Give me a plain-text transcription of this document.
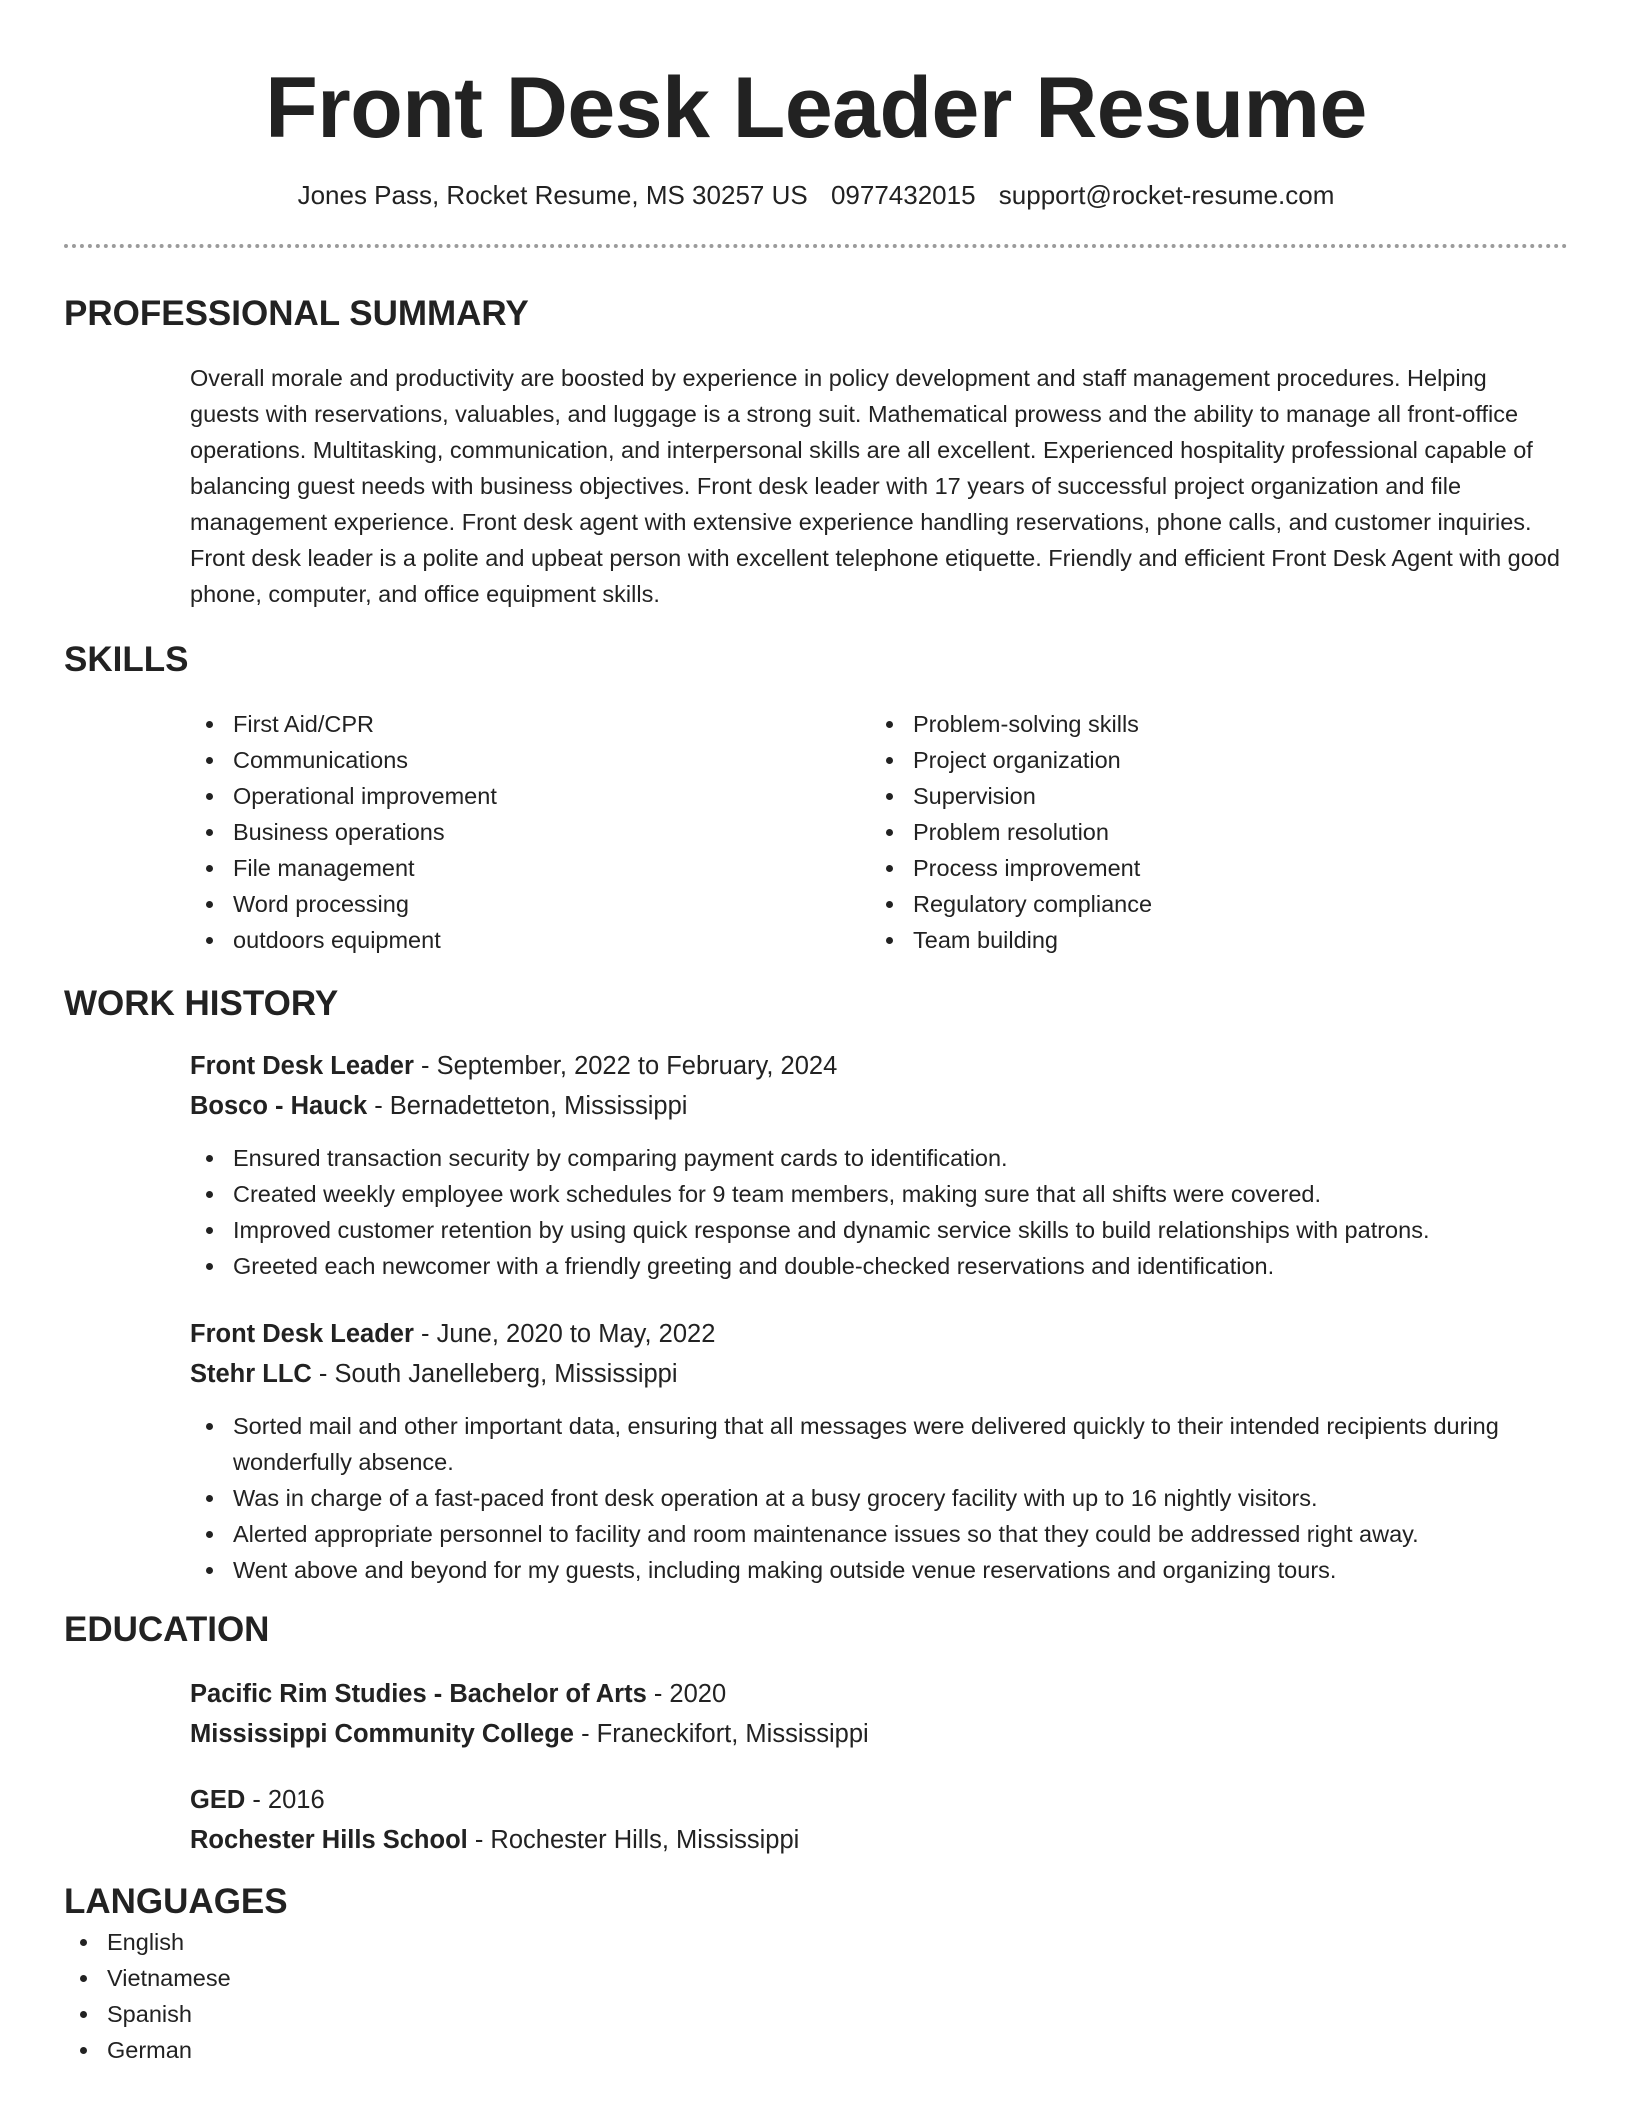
Front Desk Leader Resume
Jones Pass, Rocket Resume, MS 30257 US 0977432015 support@rocket-resume.com
PROFESSIONAL SUMMARY

Overall morale and productivity are boosted by experience in policy development and staff management procedures. Helping guests with reservations, valuables, and luggage is a strong suit. Mathematical prowess and the ability to manage all front-office operations. Multitasking, communication, and interpersonal skills are all excellent. Experienced hospitality professional capable of balancing guest needs with business objectives. Front desk leader with 17 years of successful project organization and file management experience. Front desk agent with extensive experience handling reservations, phone calls, and customer inquiries. Front desk leader is a polite and upbeat person with excellent telephone etiquette. Friendly and efficient Front Desk Agent with good phone, computer, and office equipment skills.

SKILLS
First Aid/CPR
Communications
Operational improvement
Business operations
File management
Word processing
outdoors equipment
Problem-solving skills
Project organization
Supervision
Problem resolution
Process improvement
Regulatory compliance
Team building
WORK HISTORY
Front Desk Leader - September, 2022 to February, 2024
Bosco - Hauck - Bernadetteton, Mississippi
Ensured transaction security by comparing payment cards to identification.
Created weekly employee work schedules for 9 team members, making sure that all shifts were covered.
Improved customer retention by using quick response and dynamic service skills to build relationships with patrons.
Greeted each newcomer with a friendly greeting and double-checked reservations and identification.
Front Desk Leader - June, 2020 to May, 2022
Stehr LLC - South Janelleberg, Mississippi
Sorted mail and other important data, ensuring that all messages were delivered quickly to their intended recipients during wonderfully absence.
Was in charge of a fast-paced front desk operation at a busy grocery facility with up to 16 nightly visitors.
Alerted appropriate personnel to facility and room maintenance issues so that they could be addressed right away.
Went above and beyond for my guests, including making outside venue reservations and organizing tours.
EDUCATION
Pacific Rim Studies - Bachelor of Arts - 2020
Mississippi Community College - Franeckifort, Mississippi
GED - 2016
Rochester Hills School - Rochester Hills, Mississippi
LANGUAGES
English
Vietnamese
Spanish
German
